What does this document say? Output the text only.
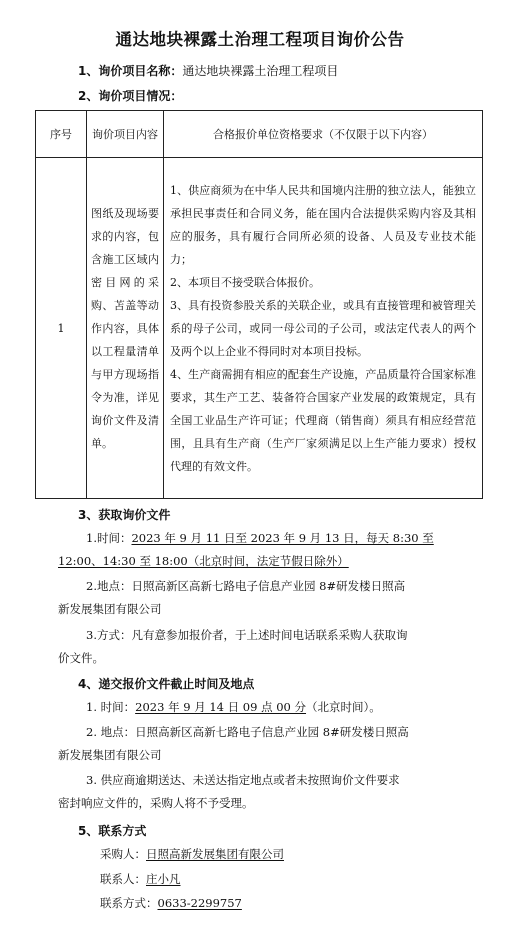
通达地块裸露土治理工程项目询价公告
1、询价项目名称：通达地块裸露土治理工程项目
2、询价项目情况：
序号	询价项目内容	合格报价单位资格要求（不仅限于以下内容）
1	图纸及现场要求的内容，包含施工区域内密目网的采购、苫盖等动作内容，具体以工程量清单与甲方现场指令为准，详见询价文件及清单。	1、供应商须为在中华人民共和国境内注册的独立法人，能独立承担民事责任和合同义务，能在国内合法提供采购内容及其相应的服务，具有履行合同所必须的设备、人员及专业技术能力；

2、本项目不接受联合体报价。

3、具有投资参股关系的关联企业，或具有直接管理和被管理关系的母子公司，或同一母公司的子公司，或法定代表人的两个及两个以上企业不得同时对本项目投标。

4、生产商需拥有相应的配套生产设施，产品质量符合国家标准要求，其生产工艺、装备符合国家产业发展的政策规定，具有全国工业品生产许可证；代理商（销售商）须具有相应经营范围，且具有生产商（生产厂家须满足以上生产能力要求）授权代理的有效文件。

3、获取询价文件
1.时间：2023 年 9 月 11 日至 2023 年 9 月 13 日，每天 8:30 至
12:00、14:30 至 18:00（北京时间，法定节假日除外）
2.地点：日照高新区高新七路电子信息产业园 8#研发楼日照高
新发展集团有限公司
3.方式：凡有意参加报价者，于上述时间电话联系采购人获取询
价文件。
4、递交报价文件截止时间及地点
1. 时间：2023 年 9 月 14 日 09 点 00 分（北京时间）。
2. 地点：日照高新区高新七路电子信息产业园 8#研发楼日照高
新发展集团有限公司
3. 供应商逾期送达、未送达指定地点或者未按照询价文件要求
密封响应文件的，采购人将不予受理。
5、联系方式
采购人：日照高新发展集团有限公司
联系人：庄小凡
联系方式：0633-2299757
